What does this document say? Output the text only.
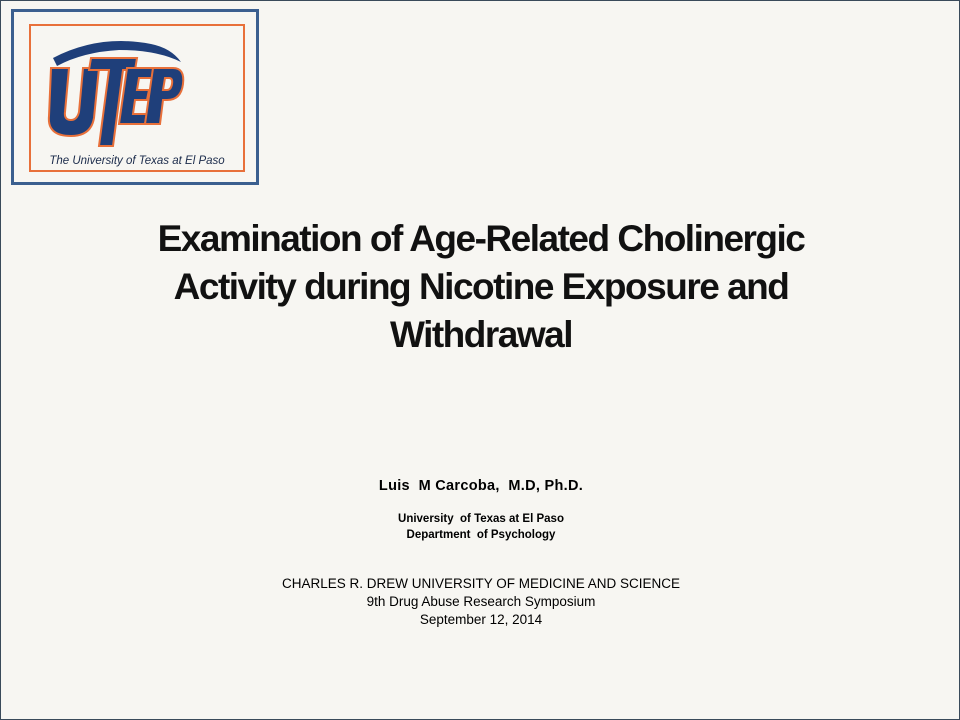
The University of Texas at El Paso
Examination of Age-Related Cholinergic
Activity during Nicotine Exposure and
Withdrawal
Luis  M Carcoba,  M.D, Ph.D.
University  of Texas at El Paso
Department  of Psychology
CHARLES R. DREW UNIVERSITY OF MEDICINE AND SCIENCE
9th Drug Abuse Research Symposium
September 12, 2014
